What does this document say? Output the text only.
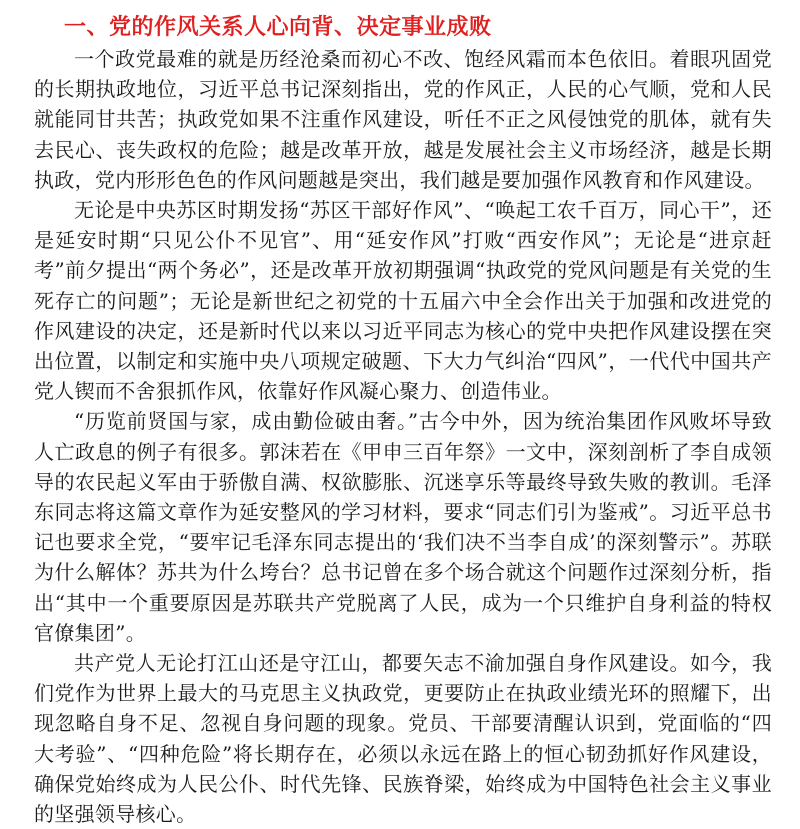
一、党的作风关系人心向背、决定事业成败

一个政党最难的就是历经沧桑而初心不改、饱经风霜而本色依旧。着眼巩固党的长期执政地位，习近平总书记深刻指出，党的作风正，人民的心气顺，党和人民就能同甘共苦；执政党如果不注重作风建设，听任不正之风侵蚀党的肌体，就有失去民心、丧失政权的危险；越是改革开放，越是发展社会主义市场经济，越是长期执政，党内形形色色的作风问题越是突出，我们越是要加强作风教育和作风建设。

无论是中央苏区时期发扬“苏区干部好作风”、“唤起工农千百万，同心干”，还是延安时期“只见公仆不见官”、用“延安作风”打败“西安作风”；无论是“进京赶考”前夕提出“两个务必”，还是改革开放初期强调“执政党的党风问题是有关党的生死存亡的问题”；无论是新世纪之初党的十五届六中全会作出关于加强和改进党的作风建设的决定，还是新时代以来以习近平同志为核心的党中央把作风建设摆在突出位置，以制定和实施中央八项规定破题、下大力气纠治“四风”，一代代中国共产党人锲而不舍狠抓作风，依靠好作风凝心聚力、创造伟业。

“历览前贤国与家，成由勤俭破由奢。”古今中外，因为统治集团作风败坏导致人亡政息的例子有很多。郭沫若在《甲申三百年祭》一文中，深刻剖析了李自成领导的农民起义军由于骄傲自满、权欲膨胀、沉迷享乐等最终导致失败的教训。毛泽东同志将这篇文章作为延安整风的学习材料，要求“同志们引为鉴戒”。习近平总书记也要求全党，“要牢记毛泽东同志提出的‘我们决不当李自成’的深刻警示”。苏联为什么解体？苏共为什么垮台？总书记曾在多个场合就这个问题作过深刻分析，指出“其中一个重要原因是苏联共产党脱离了人民，成为一个只维护自身利益的特权官僚集团”。

共产党人无论打江山还是守江山，都要矢志不渝加强自身作风建设。如今，我们党作为世界上最大的马克思主义执政党，更要防止在执政业绩光环的照耀下，出现忽略自身不足、忽视自身问题的现象。党员、干部要清醒认识到，党面临的“四大考验”、“四种危险”将长期存在，必须以永远在路上的恒心韧劲抓好作风建设，确保党始终成为人民公仆、时代先锋、民族脊梁，始终成为中国特色社会主义事业的坚强领导核心。
